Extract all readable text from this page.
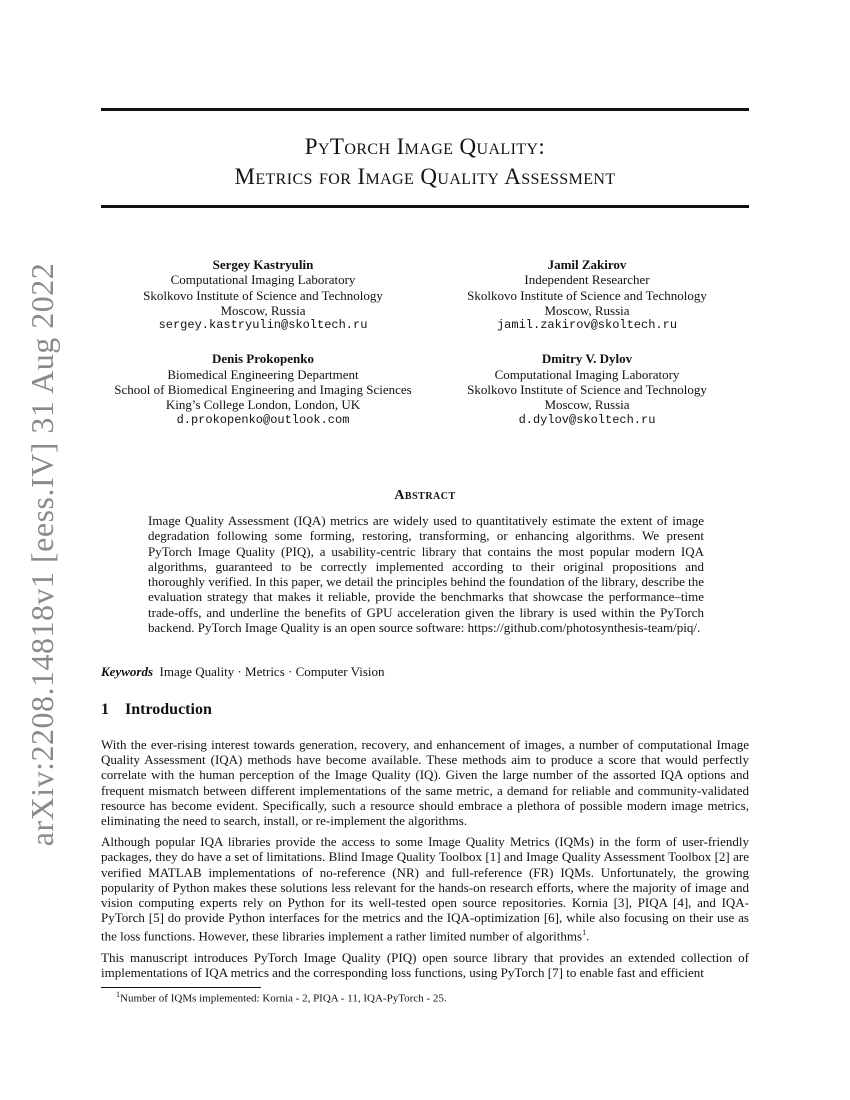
arXiv:2208.14818v1 [eess.IV] 31 Aug 2022
PyTorch Image Quality:
Metrics for Image Quality Assessment
Sergey Kastryulin
Computational Imaging Laboratory
Skolkovo Institute of Science and Technology
Moscow, Russia
sergey.kastryulin@skoltech.ru
Jamil Zakirov
Independent Researcher
Skolkovo Institute of Science and Technology
Moscow, Russia
jamil.zakirov@skoltech.ru
Denis Prokopenko
Biomedical Engineering Department
School of Biomedical Engineering and Imaging Sciences
King’s College London, London, UK
d.prokopenko@outlook.com
Dmitry V. Dylov
Computational Imaging Laboratory
Skolkovo Institute of Science and Technology
Moscow, Russia
d.dylov@skoltech.ru
Abstract
Image Quality Assessment (IQA) metrics are widely used to quantitatively estimate the extent of image degradation following some forming, restoring, transforming, or enhancing algorithms. We present PyTorch Image Quality (PIQ), a usability-centric library that contains the most popular modern IQA algorithms, guaranteed to be correctly implemented according to their original propositions and thoroughly verified. In this paper, we detail the principles behind the foundation of the library, describe the evaluation strategy that makes it reliable, provide the benchmarks that showcase the performance–time trade-offs, and underline the benefits of GPU acceleration given the library is used within the PyTorch backend. PyTorch Image Quality is an open source software: https://github.com/photosynthesis-team/piq/.
Keywords Image Quality · Metrics · Computer Vision
1 Introduction

With the ever-rising interest towards generation, recovery, and enhancement of images, a number of computational Image Quality Assessment (IQA) methods have become available. These methods aim to produce a score that would perfectly correlate with the human perception of the Image Quality (IQ). Given the large number of the assorted IQA options and frequent mismatch between different implementations of the same metric, a demand for reliable and community-validated resource has become evident. Specifically, such a resource should embrace a plethora of possible modern image metrics, eliminating the need to search, install, or re-implement the algorithms.

Although popular IQA libraries provide the access to some Image Quality Metrics (IQMs) in the form of user-friendly packages, they do have a set of limitations. Blind Image Quality Toolbox [1] and Image Quality Assessment Toolbox [2] are verified MATLAB implementations of no-reference (NR) and full-reference (FR) IQMs. Unfortunately, the growing popularity of Python makes these solutions less relevant for the hands-on research efforts, where the majority of image and vision computing experts rely on Python for its well-tested open source repositories. Kornia [3], PIQA [4], and IQA-PyTorch [5] do provide Python interfaces for the metrics and the IQA-optimization [6], while also focusing on their use as the loss functions. However, these libraries implement a rather limited number of algorithms$^1$.

This manuscript introduces PyTorch Image Quality (PIQ) open source library that provides an extended collection of implementations of IQA metrics and the corresponding loss functions, using PyTorch [7] to enable fast and efficient

$^1$Number of IQMs implemented: Kornia - 2, PIQA - 11, IQA-PyTorch - 25.
